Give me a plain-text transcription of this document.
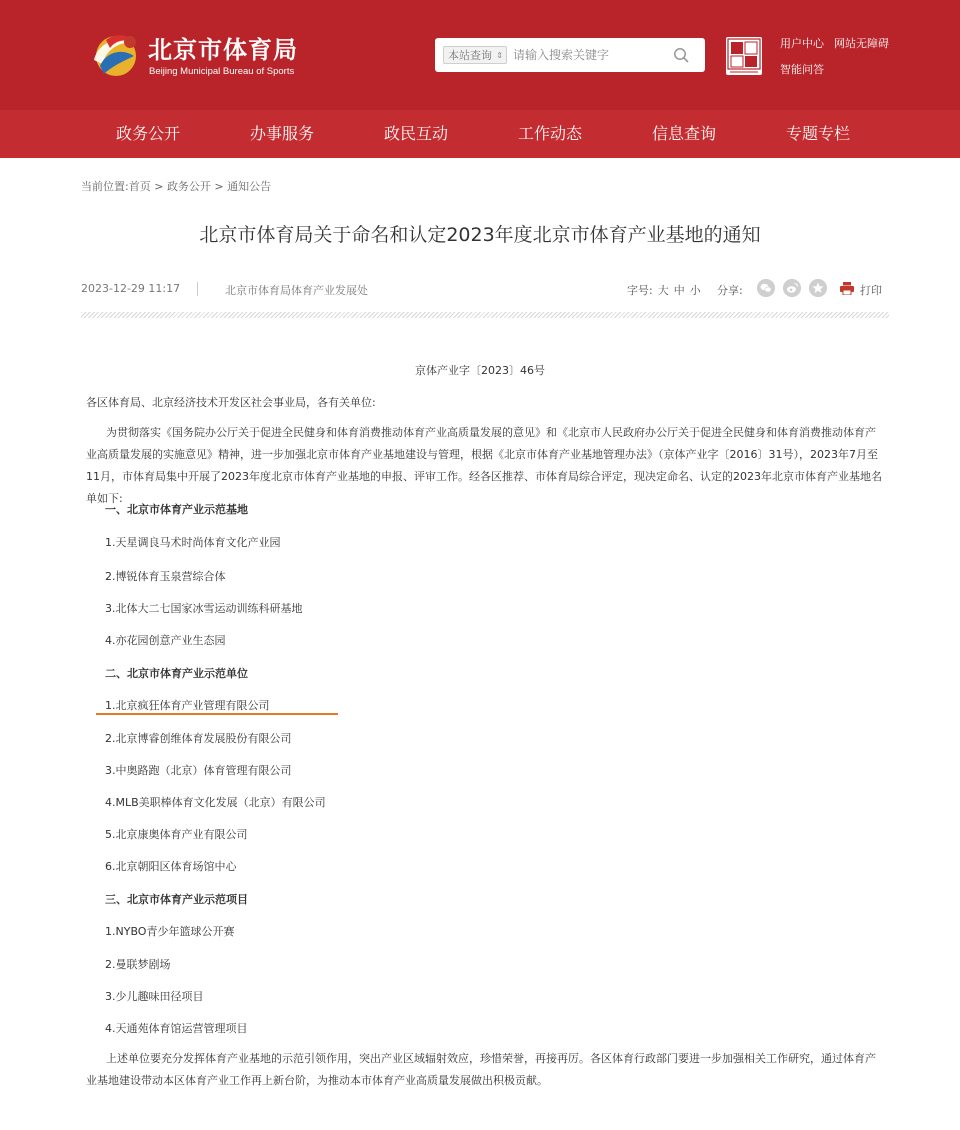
北京市体育局
Beijing Municipal Bureau of Sports
本站查询 ⇕
请输入搜索关键字
用户中心 网站无障碍
智能问答
政务公开	办事服务	政民互动	工作动态	信息查询	专题专栏
当前位置:首页 > 政务公开 > 通知公告
北京市体育局关于命名和认定2023年度北京市体育产业基地的通知
2023-12-29 11:17	北京市体育局体育产业发展处	字号: 大 中 小 分享:	打印
京体产业字〔2023〕46号
各区体育局、北京经济技术开发区社会事业局，各有关单位:
为贯彻落实《国务院办公厅关于促进全民健身和体育消费推动体育产业高质量发展的意见》和《北京市人民政府办公厅关于促进全民健身和体育消费推动体育产业高质量发展的实施意见》精神，进一步加强北京市体育产业基地建设与管理，根据《北京市体育产业基地管理办法》（京体产业字〔2016〕31号），2023年7月至11月，市体育局集中开展了2023年度北京市体育产业基地的申报、评审工作。经各区推荐、市体育局综合评定，现决定命名、认定的2023年北京市体育产业基地名单如下:
一、北京市体育产业示范基地
1.天星调良马术时尚体育文化产业园
2.博锐体育玉泉营综合体
3.北体大二七国家冰雪运动训练科研基地
4.亦花园创意产业生态园
二、北京市体育产业示范单位
1.北京疯狂体育产业管理有限公司
2.北京博睿创维体育发展股份有限公司
3.中奥路跑（北京）体育管理有限公司
4.MLB美职棒体育文化发展（北京）有限公司
5.北京康奥体育产业有限公司
6.北京朝阳区体育场馆中心
三、北京市体育产业示范项目
1.NYBO青少年篮球公开赛
2.曼联梦剧场
3.少儿趣味田径项目
4.天通苑体育馆运营管理项目
上述单位要充分发挥体育产业基地的示范引领作用，突出产业区域辐射效应，珍惜荣誉，再接再厉。各区体育行政部门要进一步加强相关工作研究，通过体育产业基地建设带动本区体育产业工作再上新台阶，为推动本市体育产业高质量发展做出积极贡献。
